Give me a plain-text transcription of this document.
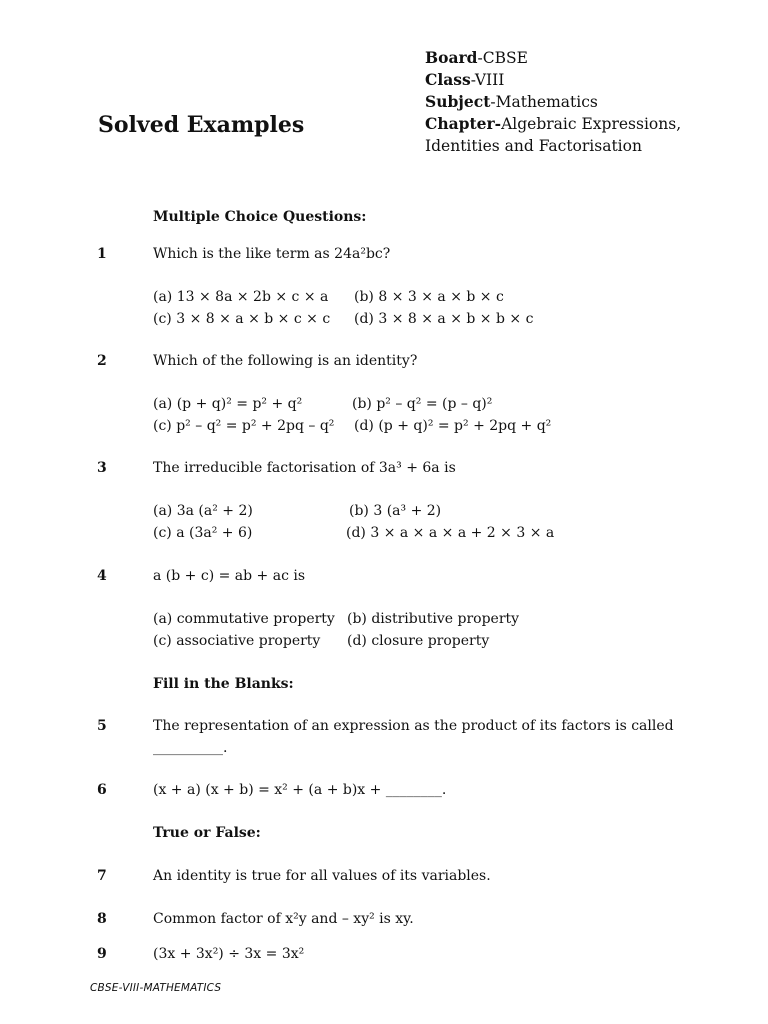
Solved Examples
Board-CBSE
Class-VIII
Subject-Mathematics
Chapter-Algebraic Expressions,
Identities and Factorisation
Multiple Choice Questions:
1	Which is the like term as 24a²bc?
(a) 13 × 8a × 2b × c × a (b) 8 × 3 × a × b × c
(c) 3 × 8 × a × b × c × c (d) 3 × 8 × a × b × b × c
2	Which of the following is an identity?
(a) (p + q)² = p² + q²	(b) p² – q² = (p – q)²
(c) p² – q² = p² + 2pq – q² (d) (p + q)² = p² + 2pq + q²
3	The irreducible factorisation of 3a³ + 6a is
(a) 3a (a² + 2)	(b) 3 (a³ + 2)
(c) a (3a² + 6)	(d) 3 × a × a × a + 2 × 3 × a
4	a (b + c) = ab + ac is
(a) commutative property (b) distributive property
(c) associative property (d) closure property
Fill in the Blanks:
5	The representation of an expression as the product of its factors is called
__________.
6	(x + a) (x + b) = x² + (a + b)x + ________.
True or False:
7	An identity is true for all values of its variables.
8	Common factor of x²y and – xy² is xy.
9	(3x + 3x²) ÷ 3x = 3x²
CBSE-VIII-MATHEMATICS
